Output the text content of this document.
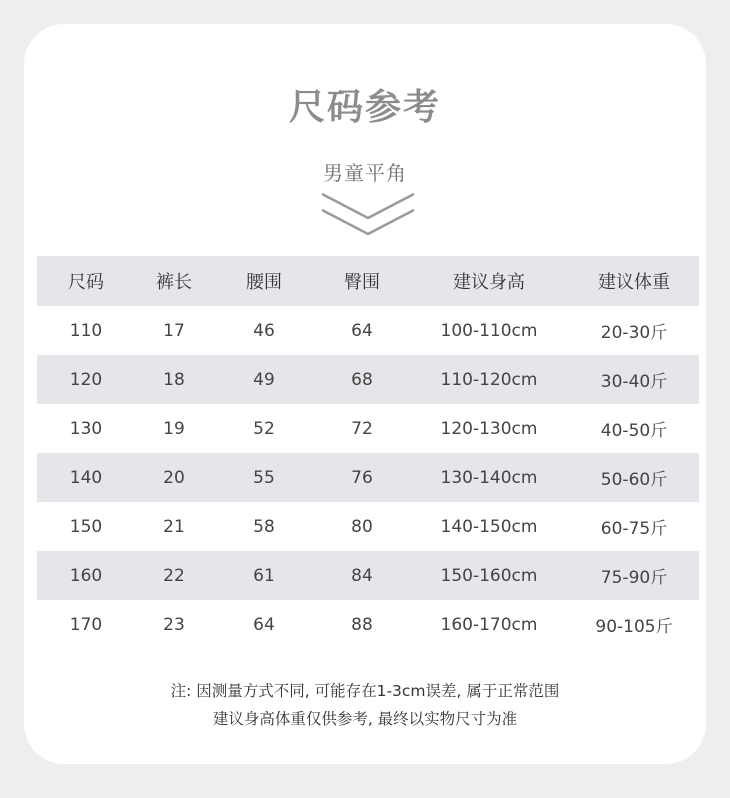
尺码参考
男童平角
尺码	裤长	腰围	臀围	建议身高	建议体重
110	17	46	64	100-110cm	20-30斤
120	18	49	68	110-120cm	30-40斤
130	19	52	72	120-130cm	40-50斤
140	20	55	76	130-140cm	50-60斤
150	21	58	80	140-150cm	60-75斤
160	22	61	84	150-160cm	75-90斤
170	23	64	88	160-170cm	90-105斤
注: 因测量方式不同, 可能存在1-3cm误差, 属于正常范围
建议身高体重仅供参考, 最终以实物尺寸为准
